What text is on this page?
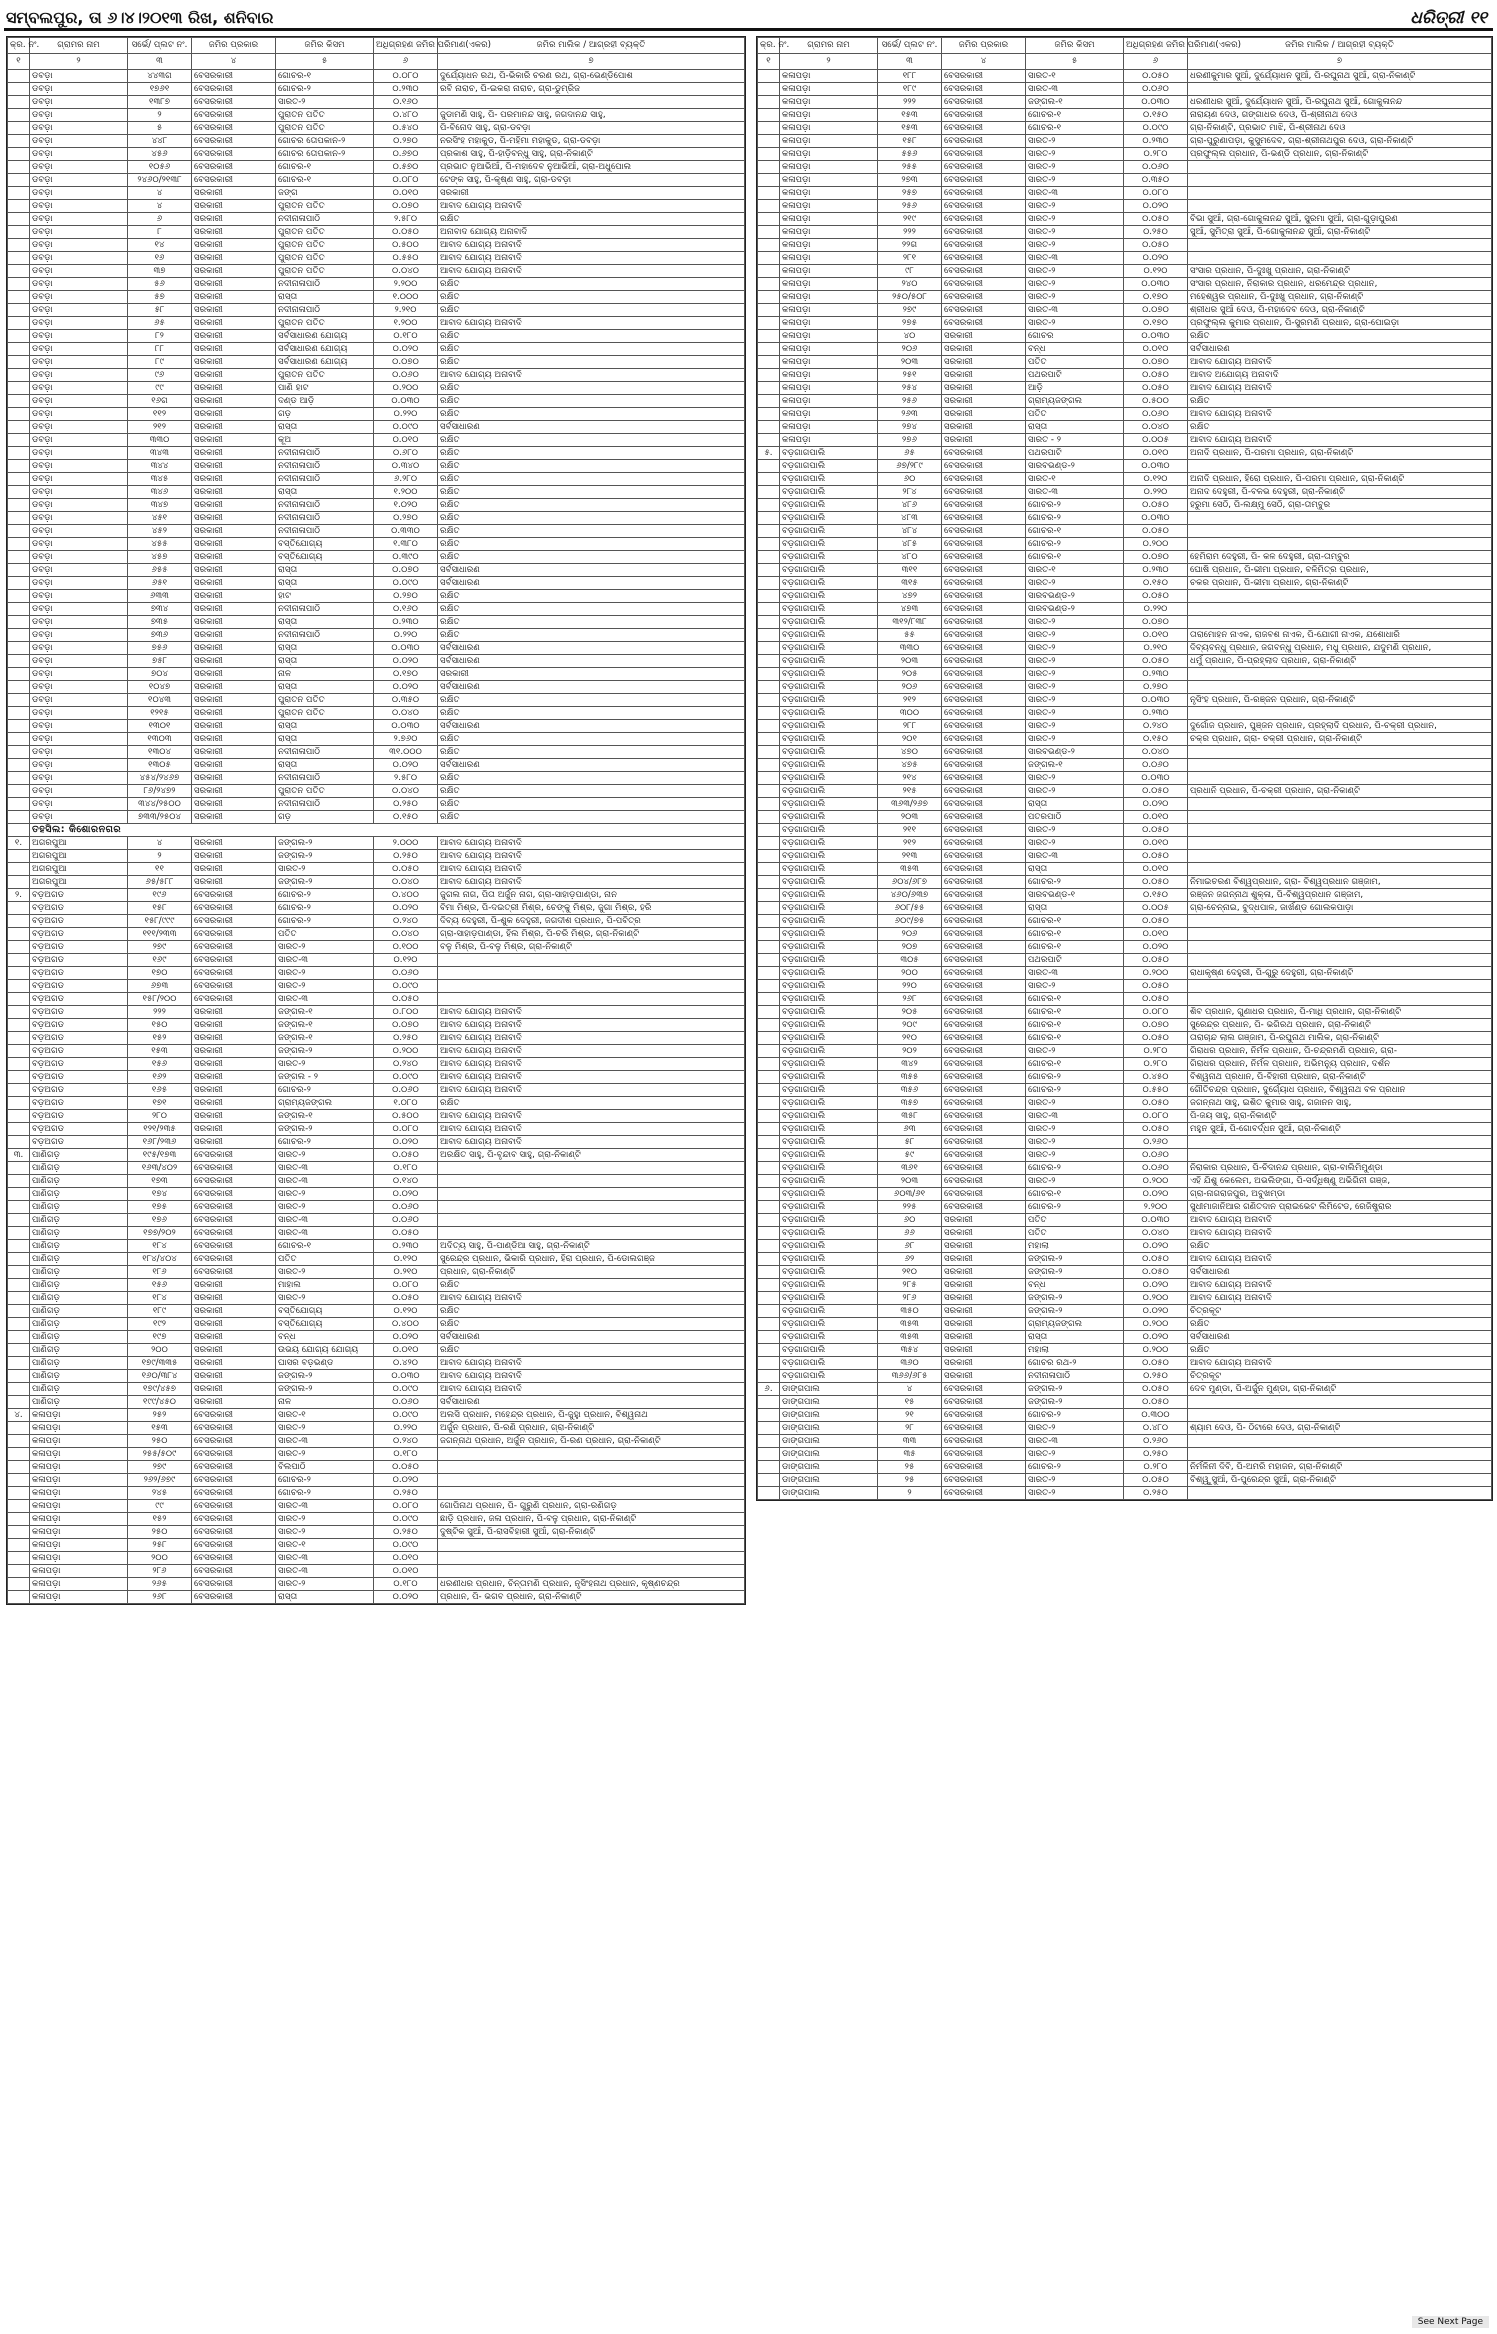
ସମ୍ବଲପୁର, ତା ୬।୪।୨୦୧୩ ରିଖ, ଶନିବାର	ଧରିତ୍ରୀ ୧୧
କ୍ର. ନଂ.	ଗ୍ରାମର ନାମ	ସର୍ଭେ/ ପ୍ଲଟ ନଂ.	ଜମିର ପ୍ରକାର	ଜମିର କିସମ	ଅଧିଗ୍ରହଣ ଜମିର ପରିମାଣ(ଏକର)	ଜମିର ମାଲିକ / ଆଗ୍ରହୀ ବ୍ୟକ୍ତି
୧	୨	୩	୪	୫	୬	୭
	ଡବଡ଼ା	୪୪୩ଗ	ବେସରକାରୀ	ଗୋଚର-୧	୦.୦୮୦	ଦୁର୍ଯ୍ୟୋଧନ ରଥ, ପି-ଭିକାରି ଚରଣ ରଥ, ଗ୍ରା-ଭେଣ୍ଡିପୋଶ
	ଡବଡ଼ା	୧୭୬୧	ବେସରକାରୀ	ଗୋଚର-୨	୦.୨୩୦	ରବି ନାରାଚ, ପି-ଇକରା ନାରାଚ, ଗ୍ରା-ଡୁମ୍ରିଜ
	ଡବଡ଼ା	୧୩୮୭	ବେସରକାରୀ	ସାରତ-୨	୦.୧୬୦	
	ଡବଡ଼ା	୨	ବେସରକାରୀ	ପୁରାତନ ପତିତ	୦.୪୮୦	ଜୁଡାମଣି ସାହୁ, ପି- ପରମାନନ୍ଦ ସାହୁ, ଜଗଦାନନ୍ଦ ସାହୁ,
	ଡବଡ଼ା	୫	ବେସରକାରୀ	ପୁରାତନ ପତିତ	୦.୫୪୦	ପି-ବିନୋଦ ସାହୁ, ଗ୍ରା-ଡବଡ଼ା
	ଡବଡ଼ା	୪୪୮	ବେସରକାରୀ	ଗୋଚର ତୋପକାନ-୨	୦.୨୭୦	ନରସିଂହ ମହାକୁଡ, ପି-ମହିମା ମହାକୁଡ, ଗ୍ରା-ଡବଡ଼ା
	ଡବଡ଼ା	୪୫୬	ବେସରକାରୀ	ଗୋଚର ତୋପକାନ-୨	୦.୬୭୦	ପ୍ରକାଶ ସାହୁ, ପି-ହାଡ଼ିବନ୍ଧୁ ସାହୁ, ଗ୍ରା-ନିକାଣ୍ଟି
	ଡବଡ଼ା	୧୦୫୬	ବେସରକାରୀ	ଗୋଚର-୧	୦.୫୭୦	ପ୍ରଭାତ ନୁଆଭିଆଁ, ପି-ମହାଦେବ ନୁଆଭିଆଁ, ଗ୍ରା-ଅଧୁପୋଲ
	ଡବଡ଼ା	୨୪୬୦/୨୧୩୮	ବେସରକାରୀ	ଗୋଚର-୧	୦.୦୮୦	ଟେଙ୍କ ସାହୁ, ପି-କୃଷ୍ଣ ସାହୁ, ଗ୍ରା-ଡବଡ଼ା
	ଡବଡ଼ା	୪	ସରକାରୀ	ଜଙ୍ଗ	୦.୦୧୦	ସରକାରୀ
	ଡବଡ଼ା	୪	ସରକାରୀ	ପୁରାତନ ପତିତ	୦.୦୭୦	ଆବାଦ ଯୋଗ୍ୟ ଅନାବାଦି
	ଡବଡ଼ା	୬	ସରକାରୀ	ନଦୀନାଳାପାଠି	୨.୫୮୦	ରକ୍ଷିତ
	ଡବଡ଼ା	୮	ସରକାରୀ	ପୁରାତନ ପତିତ	୦.୦୫୦	ଅନାବାଦ ଯୋଗ୍ୟ ଅନାବାଦି
	ଡବଡ଼ା	୧୪	ସରକାରୀ	ପୁରାତନ ପତିତ	୦.୫୦୦	ଆବାଦ ଯୋଗ୍ୟ ଅନାବାଦି
	ଡବଡ଼ା	୧୬	ସରକାରୀ	ପୁରାତନ ପତିତ	୦.୫୫୦	ଆବାଦ ଯୋଗ୍ୟ ଅନାବାଦି
	ଡବଡ଼ା	୩୭	ସରକାରୀ	ପୁରାତନ ପତିତ	୦.୦୪୦	ଆବାଦ ଯୋଗ୍ୟ ଅନାବାଦି
	ଡବଡ଼ା	୫୬	ସରକାରୀ	ନଦୀନାଳାପାଠି	୨.୨୦୦	ରକ୍ଷିତ
	ଡବଡ଼ା	୫୭	ସରକାରୀ	ରାସ୍ତା	୧.୦୦୦	ରକ୍ଷିତ
	ଡବଡ଼ା	୫୮	ସରକାରୀ	ନଦୀନାଳାପାଠି	୨.୨୧୦	ରକ୍ଷିତ
	ଡବଡ଼ା	୬୫	ସରକାରୀ	ପୁରାତନ ପତିତ	୧.୨୦୦	ଆବାଦ ଯୋଗ୍ୟ ଅନାବାଦି
	ଡବଡ଼ା	୮୨	ସରକାରୀ	ସର୍ବସାଧାରଣ ଯୋଗ୍ୟ	୦.୧୮୦	ରକ୍ଷିତ
	ଡବଡ଼ା	୮୮	ସରକାରୀ	ସର୍ବସାଧାରଣ ଯୋଗ୍ୟ	୦.୦୨୦	ରକ୍ଷିତ
	ଡବଡ଼ା	୮୯	ସରକାରୀ	ସର୍ବସାଧାରଣ ଯୋଗ୍ୟ	୦.୦୭୦	ରକ୍ଷିତ
	ଡବଡ଼ା	୯୬	ସରକାରୀ	ପୁରାତନ ପତିତ	୦.୦୬୦	ଆବାଦ ଯୋଗ୍ୟ ଅନାବାଦି
	ଡବଡ଼ା	୯୯	ସରକାରୀ	ପାଣି ହାଟ	୦.୨୦୦	ରକ୍ଷିତ
	ଡବଡ଼ା	୧୬ଗ	ସରକାରୀ	ଦଣ୍ଡ ଆଡ଼ି	୦.୦୩୦	ରକ୍ଷିତ
	ଡବଡ଼ା	୧୧୨	ସରକାରୀ	ଗଡ଼	୦.୨୨୦	ରକ୍ଷିତ
	ଡବଡ଼ା	୨୧୨	ସରକାରୀ	ରାସ୍ତା	୦.୦୯୦	ସର୍ବସାଧାରଣ
	ଡବଡ଼ା	୩୩୦	ସରକାରୀ	କୂଅ	୦.୦୧୦	ରକ୍ଷିତ
	ଡବଡ଼ା	୩୪୩	ସରକାରୀ	ନଦୀନାଳାପାଠି	୦.୬୮୦	ରକ୍ଷିତ
	ଡବଡ଼ା	୩୪୪	ସରକାରୀ	ନଦୀନାଳାପାଠି	୦.୩୪୦	ରକ୍ଷିତ
	ଡବଡ଼ା	୩୪୫	ସରକାରୀ	ନଦୀନାଳାପାଠି	୬.୨୮୦	ରକ୍ଷିତ
	ଡବଡ଼ା	୩୪୬	ସରକାରୀ	ରାସ୍ତା	୧.୨୦୦	ରକ୍ଷିତ
	ଡବଡ଼ା	୩୪୭	ସରକାରୀ	ନଦୀନାଳାପାଠି	୧.୦୨୦	ରକ୍ଷିତ
	ଡବଡ଼ା	୪୫୧	ସରକାରୀ	ନଦୀନାଳାପାଠି	୦.୨୭୦	ରକ୍ଷିତ
	ଡବଡ଼ା	୪୫୨	ସରକାରୀ	ନଦୀନାଳାପାଠି	୦.୩୩୦	ରକ୍ଷିତ
	ଡବଡ଼ା	୪୫୫	ସରକାରୀ	ବସ୍ତିଯୋଗ୍ୟ	୧.୩୮୦	ରକ୍ଷିତ
	ଡବଡ଼ା	୪୫୭	ସରକାରୀ	ବସ୍ତିଯୋଗ୍ୟ	୦.୩୯୦	ରକ୍ଷିତ
	ଡବଡ଼ା	୬୫୫	ସରକାରୀ	ରାସ୍ତା	୦.୦୭୦	ସର୍ବସାଧାରଣ
	ଡବଡ଼ା	୬୫୧	ସରକାରୀ	ରାସ୍ତା	୦.୦୯୦	ସର୍ବସାଧାରଣ
	ଡବଡ଼ା	୬୩୩	ସରକାରୀ	ହାଟ	୦.୨୭୦	ରକ୍ଷିତ
	ଡବଡ଼ା	୭୩୪	ସରକାରୀ	ନଦୀନାଳାପାଠି	୦.୧୬୦	ରକ୍ଷିତ
	ଡବଡ଼ା	୭୩୫	ସରକାରୀ	ରାସ୍ତା	୦.୨୩୦	ରକ୍ଷିତ
	ଡବଡ଼ା	୭୩୬	ସରକାରୀ	ନଦୀନାଳାପାଠି	୦.୨୨୦	ରକ୍ଷିତ
	ଡବଡ଼ା	୭୫୬	ସରକାରୀ	ରାସ୍ତା	୦.୦୩୦	ସର୍ବସାଧାରଣ
	ଡବଡ଼ା	୭୫୮	ସରକାରୀ	ରାସ୍ତା	୦.୦୨୦	ସର୍ବସାଧାରଣ
	ଡବଡ଼ା	୭୦୪	ସରକାରୀ	ନାଳ	୦.୧୭୦	ସରକାରୀ
	ଡବଡ଼ା	୧୦୪୭	ସରକାରୀ	ରାସ୍ତା	୦.୦୨୦	ସର୍ବସାଧାରଣ
	ଡବଡ଼ା	୧୦୪୩	ସରକାରୀ	ପୁରାତନ ପତିତ	୦.୩୫୦	ରକ୍ଷିତ
	ଡବଡ଼ା	୧୨୧୫	ସରକାରୀ	ପୁରାତନ ପତିତ	୦.୦୪୦	ରକ୍ଷିତ
	ଡବଡ଼ା	୧୩୦୧	ସରକାରୀ	ରାସ୍ତା	୦.୦୩୦	ସର୍ବସାଧାରଣ
	ଡବଡ଼ା	୧୩୦୩	ସରକାରୀ	ରାସ୍ତା	୨.୭୬୦	ରକ୍ଷିତ
	ଡବଡ଼ା	୧୩୦୪	ସରକାରୀ	ନଦୀନାଳାପାଠି	୩୧.୦୦୦	ରକ୍ଷିତ
	ଡବଡ଼ା	୧୩୦୫	ସରକାରୀ	ରାସ୍ତା	୦.୦୨୦	ସର୍ବସାଧାରଣ
	ଡବଡ଼ା	୪୫୪/୨୪୬୭	ସରକାରୀ	ନଦୀନାଳାପାଠି	୨.୫୮୦	ରକ୍ଷିତ
	ଡବଡ଼ା	୮୬/୨୪୭୨	ସରକାରୀ	ପୁରାତନ ପତିତ	୦.୦୪୦	ରକ୍ଷିତ
	ଡବଡ଼ା	୩୪୪/୨୫୦୦	ସରକାରୀ	ନଦୀନାଳାପାଠି	୦.୨୫୦	ରକ୍ଷିତ
	ଡବଡ଼ା	୭୩୩/୨୫୦୪	ସରକାରୀ	ଗଡ଼	୦.୧୫୦	ରକ୍ଷିତ
	ତହସିଲ: କିଶୋରନଗର					
୧.	ଅଗରପୁଆ	୪	ସରକାରୀ	ଜଙ୍ଗଲ-୨	୨.୦୦୦	ଆବାଦ ଯୋଗ୍ୟ ଅନାବାଦି
	ଅଗରପୁଆ	୨	ସରକାରୀ	ଜଙ୍ଗଲ-୨	୦.୨୫୦	ଆବାଦ ଯୋଗ୍ୟ ଅନାବାଦି
	ଅଗରପୁଆ	୧୧	ସରକାରୀ	ସାରତ-୨	୦.୦୫୦	ଆବାଦ ଯୋଗ୍ୟ ଅନାବାଦି
	ଅଗରପୁଆ	୬୫/୫୮୮	ସରକାରୀ	ଜଙ୍ଗଲ-୨	୦.୦୪୦	ଆବାଦ ଯୋଗ୍ୟ ଅନାବାଦି
୨.	ବଡ଼ଅଗଡ	୧୯୬	ବେସରକାରୀ	ଗୋଚର-୨	୦.୪୦୦	ଜୁଗଲ ନାଗ, ପିତା ଅର୍ଜୁନ ନାଗ, ଗ୍ରା-ସାହାଡ଼ପାଣ୍ଡା, ନାନ
	ବଡ଼ଅଗଡ	୧୫୮	ବେସରକାରୀ	ଗୋଚର-୨	୦.୦୨୦	ବିମା ମିଶ୍ର, ପି-ଦଇତ୍ରୀ ମିଶ୍ର, ଚେଙ୍କୁ ମିଶ୍ର, ଜୁଗା ମିଶ୍ର, ହରି
	ବଡ଼ଅଗଡ	୧୫୮/୯୯୯	ବେସରକାରୀ	ଗୋଚର-୨	୦.୨୪୦	ଦିବ୍ୟ ଦେହୁରୀ, ପି-ଶୁକ ଦେହୁରୀ, ଜଗଦୀଶ ପ୍ରଧାନ, ପି-ପବିତ୍ର
	ବଡ଼ଅଗଡ	୧୧୧/୨୩୩	ବେସରକାରୀ	ପତିତ	୦.୦୪୦	ଗ୍ରା-ସାହାଡ଼ପାଣ୍ଡା, ହିଲ ମିଶ୍ର, ପି-ଚରି ମିଶ୍ର, ଗ୍ରା-ନିକାଣ୍ଟି
	ବଡ଼ଅଗଡ	୨୭୯	ବେସରକାରୀ	ସାରତ-୨	୦.୧୦୦	ବଳୁ ମିଶ୍ର, ପି-ବଳୁ ମିଶ୍ର, ଗ୍ରା-ନିକାଣ୍ଟି
	ବଡ଼ଅଗଡ	୧୬୯	ବେସରକାରୀ	ସାରତ-୩	୦.୧୨୦	
	ବଡ଼ଅଗଡ	୧୭୦	ବେସରକାରୀ	ସାରତ-୨	୦.୦୬୦	
	ବଡ଼ଅଗଡ	୬୭୩	ବେସରକାରୀ	ସାରତ-୨	୦.୦୯୦	
	ବଡ଼ଅଗଡ	୧୫୮/୨୦୦	ବେସରକାରୀ	ସାରତ-୩	୦.୦୫୦	
	ବଡ଼ଅଗଡ	୨୨୨	ସରକାରୀ	ଜଙ୍ଗଲ-୧	୦.୮୦୦	ଆବାଦ ଯୋଗ୍ୟ ଅନାବାଦି
	ବଡ଼ଅଗଡ	୧୫୦	ସରକାରୀ	ଜଙ୍ଗଲ-୧	୦.୦୭୦	ଆବାଦ ଯୋଗ୍ୟ ଅନାବାଦି
	ବଡ଼ଅଗଡ	୧୫୨	ସରକାରୀ	ଜଙ୍ଗଲ-୧	୦.୨୫୦	ଆବାଦ ଯୋଗ୍ୟ ଅନାବାଦି
	ବଡ଼ଅଗଡ	୧୫୩	ସରକାରୀ	ଜଙ୍ଗଲ-୨	୦.୨୦୦	ଆବାଦ ଯୋଗ୍ୟ ଅନାବାଦି
	ବଡ଼ଅଗଡ	୧୫୬	ସରକାରୀ	ସାରତ-୨	୦.୨୪୦	ଆବାଦ ଯୋଗ୍ୟ ଅନାବାଦି
	ବଡ଼ଅଗଡ	୧୬୨	ସରକାରୀ	ଜଙ୍ଗଲ - ୨	୦.୦୯୦	ଆବାଦ ଯୋଗ୍ୟ ଅନାବାଦି
	ବଡ଼ଅଗଡ	୧୬୫	ସରକାରୀ	ଗୋଚର-୨	୦.୦୬୦	ଆବାଦ ଯୋଗ୍ୟ ଅନାବାଦି
	ବଡ଼ଅଗଡ	୧୭୧	ସରକାରୀ	ଗ୍ରାମ୍ୟଜଙ୍ଗଲ	୧.୦୮୦	ରକ୍ଷିତ
	ବଡ଼ଅଗଡ	୨୮୦	ସରକାରୀ	ଜଙ୍ଗଲ-୧	୦.୫୦୦	ଆବାଦ ଯୋଗ୍ୟ ଅନାବାଦି
	ବଡ଼ଅଗଡ	୧୨୧/୨୩୫	ସରକାରୀ	ଜଙ୍ଗଲ-୨	୦.୦୮୦	ଆବାଦ ଯୋଗ୍ୟ ଅନାବାଦି
	ବଡ଼ଅଗଡ	୧୬୮/୨୩୬	ସରକାରୀ	ଗୋଚର-୨	୦.୦୨୦	ଆବାଦ ଯୋଗ୍ୟ ଅନାବାଦି
୩.	ପାଣିଗଡ଼	୧୯୫/୧୭୩	ବେସରକାରୀ	ସାରତ-୨	୦.୦୫୦	ଅରକ୍ଷିତ ସାହୁ, ପି-ବୃନ୍ଦାବ ସାହୁ, ଗ୍ରା-ନିକାଣ୍ଟି
	ପାଣିଗଡ଼	୧୬୩/୪୦୨	ବେସରକାରୀ	ସାରତ-୩	୦.୧୮୦	
	ପାଣିଗଡ଼	୧୭୩	ବେସରକାରୀ	ସାରତ-୩	୦.୧୪୦	
	ପାଣିଗଡ଼	୧୭୪	ବେସରକାରୀ	ସାରତ-୨	୦.୦୨୦	
	ପାଣିଗଡ଼	୧୭୫	ବେସରକାରୀ	ସାରତ-୨	୦.୦୬୦	
	ପାଣିଗଡ଼	୧୭୬	ବେସରକାରୀ	ସାରତ-୩	୦.୦୬୦	
	ପାଣିଗଡ଼	୧୭୭/୨୦୨	ବେସରକାରୀ	ସାରତ-୩	୦.୦୫୦	
	ପାଣିଗଡ଼	୧୮୪	ବେସରକାରୀ	ଗୋଚର-୧	୦.୨୩୦	ଅଦିତ୍ୟ ସାହୁ, ପି-ପାଣ୍ଡିଆ ସାହୁ, ଗ୍ରା-ନିକାଣ୍ଟି
	ପାଣିଗଡ଼	୧୮୪/୪୦୪	ବେସରକାରୀ	ପତିତ	୦.୧୨୦	ସୁରେନ୍ଦ୍ର ପ୍ରଧାନ, ଭିକାରି ପ୍ରଧାନ, ହିରା ପ୍ରଧାନ, ପି-ଡୋଲଗଞ୍ଜ
	ପାଣିଗଡ଼	୧୮୬	ବେସରକାରୀ	ସାରତ-୨	୦.୨୧୦	ପ୍ରଧାନ, ଗ୍ରା-ନିକାଣ୍ଟି
	ପାଣିଗଡ଼	୧୫୬	ସରକାରୀ	ମାହାଲ	୦.୦୮୦	ରକ୍ଷିତ
	ପାଣିଗଡ଼	୧୮୪	ସରକାରୀ	ସାରତ-୨	୦.୦୫୦	ଆବାଦ ଯୋଗ୍ୟ ଅନାବାଦି
	ପାଣିଗଡ଼	୧୮୯	ସରକାରୀ	ବସ୍ତିଯୋଗ୍ୟ	୦.୧୨୦	ରକ୍ଷିତ
	ପାଣିଗଡ଼	୧୯୨	ସରକାରୀ	ବସ୍ତିଯୋଗ୍ୟ	୦.୪୦୦	ରକ୍ଷିତ
	ପାଣିଗଡ଼	୧୯୭	ସରକାରୀ	ବନ୍ଧ	୦.୦୨୦	ସର୍ବସାଧାରଣ
	ପାଣିଗଡ଼	୨୦୦	ସରକାରୀ	ଉଭୟ ଯୋଗ୍ୟ ଯୋଗ୍ୟ	୦.୦୧୦	ରକ୍ଷିତ
	ପାଣିଗଡ଼	୧୭୯/୩୩୫	ସରକାରୀ	ଘାସର ବଡ଼ଭଣ୍ଡ	୦.୪୨୦	ଆବାଦ ଯୋଗ୍ୟ ଅନାବାଦି
	ପାଣିଗଡ଼	୧୬୦/୩୮୪	ସରକାରୀ	ଜଙ୍ଗଲ-୨	୦.୦୩୦	ଆବାଦ ଯୋଗ୍ୟ ଅନାବାଦି
	ପାଣିଗଡ଼	୧୭୯/୪୫୭	ସରକାରୀ	ଜଙ୍ଗଲ-୨	୦.୦୯୦	ଆବାଦ ଯୋଗ୍ୟ ଅନାବାଦି
	ପାଣିଗଡ଼	୧୯୯/୪୫୦	ସରକାରୀ	ନାଳ	୦.୦୬୦	ସର୍ବସାଧାରଣ
୪.	କଳାପଡ଼ା	୨୫୨	ବେସରକାରୀ	ସାରତ-୧	୦.୦୯୦	ଅଲସି ପ୍ରଧାନ, ମହେନ୍ଦ୍ର ପ୍ରଧାନ, ପି-ଜୁହୁା ପ୍ରଧାନ, ବିଶ୍ୱନାଥ
	କଳାପଡ଼ା	୧୫୩	ବେସରକାରୀ	ସାରତ-୨	୦.୨୨୦	ଅର୍ଜୁନ ପ୍ରଧାନ, ପି-ରଣି ପ୍ରଧାନ, ଗ୍ରା-ନିକାଣ୍ଟି
	କଳାପଡ଼ା	୨୫୦	ବେସରକାରୀ	ସାରତ-୩	୦.୨୪୦	ଜଗନ୍ନାଥ ପ୍ରଧାନ, ଅର୍ଜୁନ ପ୍ରଧାନ, ପି-ରଣ ପ୍ରଧାନ, ଗ୍ରା-ନିକାଣ୍ଟି
	କଳାପଡ଼ା	୨୫୫/୫୦୯	ବେସରକାରୀ	ସାରତ-୨	୦.୧୮୦	
	କଳାପଡ଼ା	୨୭୯	ବେସରକାରୀ	ବିଲପାଠି	୦.୦୫୦	
	କଳାପଡ଼ା	୨୬୨/୬୭୯	ବେସରକାରୀ	ଗୋଚର-୨	୦.୦୨୦	
	କଳାପଡ଼ା	୨୪୫	ବେସରକାରୀ	ଗୋଚର-୨	୦.୨୫୦	
	କଳାପଡ଼ା	୯୯	ବେସରକାରୀ	ସାରତ-୩	୦.୦୮୦	ଗୋପିନାଥ ପ୍ରଧାନ, ପି- ଗୁରୁଣି ପ୍ରଧାନ, ଗ୍ରା-ରଣିଗଡ଼
	କଳାପଡ଼ା	୧୫୨	ବେସରକାରୀ	ସାରତ-୨	୦.୦୯୦	ଛାଡ଼ି ପ୍ରଧାନ, ଜଳା ପ୍ରଧାନ, ପି-ବଳୁ ପ୍ରଧାନ, ଗ୍ରା-ନିକାଣ୍ଟି
	କଳାପଡ଼ା	୨୫୦	ବେସରକାରୀ	ସାରତ-୨	୦.୨୫୦	ଦୁଷ୍ଟିକ ସୁଆଁ, ପି-ରାସବିହାରୀ ସୁଆଁ, ଗ୍ରା-ନିକାଣ୍ଟି
	କଳାପଡ଼ା	୨୫୮	ବେସରକାରୀ	ସାରତ-୧	୦.୦୯୦	
	କଳାପଡ଼ା	୨୦୦	ବେସରକାରୀ	ସାରତ-୩	୦.୦୧୦	
	କଳାପଡ଼ା	୨୮୬	ବେସରକାରୀ	ସାରତ-୩	୦.୦୧୦	
	କଳାପଡ଼ା	୨୬୫	ବେସରକାରୀ	ସାରତ-୨	୦.୧୮୦	ଧରଣୀଧର ପ୍ରଧାନ, ଚିନ୍ତାମଣି ପ୍ରଧାନ, ନୃସିଂହନାଥ ପ୍ରଧାନ, କୃଷ୍ଣଚନ୍ଦ୍ର
	କଳାପଡ଼ା	୨୬୮	ବେସରକାରୀ	ରାସ୍ତା	୦.୦୨୦	ପ୍ରଧାନ, ପି- ଭଗବ ପ୍ରଧାନ, ଗ୍ରା-ନିକାଣ୍ଟି
କ୍ର. ନଂ.	ଗ୍ରାମର ନାମ	ସର୍ଭେ/ ପ୍ଲଟ ନଂ.	ଜମିର ପ୍ରକାର	ଜମିର କିସମ	ଅଧିଗ୍ରହଣ ଜମିର ପରିମାଣ(ଏକର)	ଜମିର ମାଲିକ / ଆଗ୍ରହୀ ବ୍ୟକ୍ତି
୧	୨	୩	୪	୫	୬	୭
	କଳାପଡ଼ା	୧୮୮	ବେସରକାରୀ	ସାରତ-୧	୦.୦୫୦	ଧରଣୀକୁମାର ସୁଆଁ, ଦୁର୍ଯ୍ୟୋଧନ ସୁଆଁ, ପି-ରଘୁନାଥ ସୁଆଁ, ଗ୍ରା-ନିକାଣ୍ଟି
	କଳାପଡ଼ା	୧୮୯	ବେସରକାରୀ	ସାରତ-୩	୦.୦୬୦	
	କଳାପଡ଼ା	୨୨୨	ବେସରକାରୀ	ଜଙ୍ଗଲ-୧	୦.୦୩୦	ଧରଣୀଧର ସୁଆଁ, ଦୁର୍ଯ୍ୟୋଧନ ସୁଆଁ, ପି-ରଘୁନାଥ ସୁଆଁ, ଗୋକୁଳାନନ୍ଦ
	କଳାପଡ଼ା	୧୫୩	ବେସରକାରୀ	ଗୋଚର-୧	୦.୧୫୦	ନାରାୟଣ ଦେଓ, ଗଙ୍ଗାଧର ଦେଓ, ପି-ଶ୍ରୀନାଥ ଦେଓ
	କଳାପଡ଼ା	୧୫୩	ବେସରକାରୀ	ଗୋଚର-୧	୦.୦୯୦	ଗ୍ରା-ନିକାଣ୍ଟି, ପ୍ରଭାତ ମାଝି, ପି-ଶ୍ରୀନାଥ ଦେଓ
	କଳାପଡ଼ା	୧୫୮	ବେସରକାରୀ	ସାରତ-୨	୦.୨୩୦	ଗ୍ରା-ପୁରୁଣାପଡ଼ା, କୁସୁମଦେବ, ଗ୍ରା-ଶ୍ରୀନାଥପୁର ଦେଓ, ଗ୍ରା-ନିକାଣ୍ଟି
	କଳାପଡ଼ା	୫୫୬	ବେସରକାରୀ	ସାରତ-୨	୦.୨୮୦	ପ୍ରଫୁଲ୍ଲ ପ୍ରଧାନ, ପି-ଭଣ୍ଡି ପ୍ରଧାନ, ଗ୍ରା-ନିକାଣ୍ଟି
	କଳାପଡ଼ା	୨୫୫	ବେସରକାରୀ	ସାରତ-୨	୦.୦୬୦	
	କଳାପଡ଼ା	୨୭୩	ବେସରକାରୀ	ସାରତ-୨	୦.୩୫୦	
	କଳାପଡ଼ା	୨୫୭	ବେସରକାରୀ	ସାରତ-୩	୦.୦୮୦	
	କଳାପଡ଼ା	୨୫୬	ବେସରକାରୀ	ସାରତ-୨	୦.୦୨୦	
	କଳାପଡ଼ା	୨୧୯	ବେସରକାରୀ	ସାରତ-୨	୦.୦୫୦	ବିଭା ସୁଆଁ, ଗ୍ରା-ଗୋକୁଳାନନ୍ଦ ସୁଆଁ, ସୁରମା ସୁଆଁ, ଗ୍ରା-ଗୁଡ଼ାପୁରଣ
	କଳାପଡ଼ା	୨୨୨	ବେସରକାରୀ	ସାରତ-୨	୦.୨୫୦	ସୁଆଁ, ସୁମିତ୍ରା ସୁଆଁ, ପି-ଗୋକୁଳାନନ୍ଦ ସୁଆଁ, ଗ୍ରା-ନିକାଣ୍ଟି
	କଳାପଡ଼ା	୨୨ଗ	ବେସରକାରୀ	ସାରତ-୨	୦.୦୫୦	
	କଳାପଡ଼ା	୨୮୧	ବେସରକାରୀ	ସାରତ-୩	୦.୦୨୦	
	କଳାପଡ଼ା	୯୮	ବେସରକାରୀ	ସାରତ-୨	୦.୧୨୦	ସଂସାର ପ୍ରଧାନ, ପି-ଦୁଃଖୁ ପ୍ରଧାନ, ଗ୍ରା-ନିକାଣ୍ଟି
	କଳାପଡ଼ା	୨୪୦	ବେସରକାରୀ	ସାରତ-୨	୦.୦୩୦	ସଂସାର ପ୍ରଧାନ, ନିରାକାର ପ୍ରଧାନ, ଧରମେନ୍ଦ୍ର ପ୍ରଧାନ,
	କଳାପଡ଼ା	୨୫୦/୫୦୮	ବେସରକାରୀ	ସାରତ-୨	୦.୧୭୦	ମହେଶ୍ୱର ପ୍ରଧାନ, ପି-ଦୁଃଖୁ ପ୍ରଧାନ, ଗ୍ରା-ନିକାଣ୍ଟି
	କଳାପଡ଼ା	୨୭୯	ବେସରକାରୀ	ସାରତ-୩	୦.୦୭୦	ଶ୍ରୀଧର ସୁଆଁ ଦେଓ, ପି-ମହାଦେବ ଦେଓ, ଗ୍ରା-ନିକାଣ୍ଟି
	କଳାପଡ଼ା	୨୭୫	ବେସରକାରୀ	ସାରତ-୨	୦.୧୭୦	ପ୍ରଫୁଲ୍ଲ କୁମାର ପ୍ରଧାନ, ପି-ସୁରମଣି ପ୍ରଧାନ, ଗ୍ରା-ପୋଇଡ଼ା
	କଳାପଡ଼ା	୪୦	ସରକାରୀ	ଗୋଚର	୦.୦୩୦	ରକ୍ଷିତ
	କଳାପଡ଼ା	୨୦୬	ସରକାରୀ	ବନ୍ଧ	୦.୦୧୦	ସର୍ବସାଧାରଣ
	କଳାପଡ଼ା	୨୦୩	ସରକାରୀ	ପତିତ	୦.୦୭୦	ଆବାଦ ଯୋଗ୍ୟ ଅନାବାଦି
	କଳାପଡ଼ା	୨୫୧	ସରକାରୀ	ପଥରପାଟି	୦.୦୫୦	ଆବାଦ ଅଯୋଗ୍ୟ ଅନାବାଦି
	କଳାପଡ଼ା	୨୫୪	ସରକାରୀ	ଆଡ଼ି	୦.୦୫୦	ଆବାଦ ଯୋଗ୍ୟ ଅନାବାଦି
	କଳାପଡ଼ା	୨୫୬	ସରକାରୀ	ଗ୍ରାମ୍ୟଜଙ୍ଗଲ	୦.୫୦୦	ରକ୍ଷିତ
	କଳାପଡ଼ା	୨୬୩	ସରକାରୀ	ପତିତ	୦.୦୬୦	ଆବାଦ ଯୋଗ୍ୟ ଅନାବାଦି
	କଳାପଡ଼ା	୨୭୪	ସରକାରୀ	ରାସ୍ତା	୦.୦୪୦	ରକ୍ଷିତ
	କଳାପଡ଼ା	୨୭୬	ସରକାରୀ	ସାରତ - ୨	୦.୦୦୫	ଆବାଦ ଯୋଗ୍ୟ ଅନାବାଦି
୫.	ବଡ଼ଗାଗପାଲି	୬୫	ବେସରକାରୀ	ପଥରପାଟି	୦.୦୧୦	ଅନାଦି ପ୍ରଧାନ, ପି-ପରମା ପ୍ରଧାନ, ଗ୍ରା-ନିକାଣ୍ଟି
	ବଡ଼ଗାଗପାଲି	୬୭/୨୮୯	ବେସରକାରୀ	ସାରବଭଣ୍ଡ-୨	୦.୦୩୦	
	ବଡ଼ଗାଗପାଲି	୬୦	ବେସରକାରୀ	ସାରତ-୧	୦.୧୨୦	ଅନାଦି ପ୍ରଧାନ, ହିରୋ ପ୍ରଧାନ, ପି-ପରମା ପ୍ରଧାନ, ଗ୍ରା-ନିକାଣ୍ଟି
	ବଡ଼ଗାଗପାଲି	୨୮୪	ବେସରକାରୀ	ସାରତ-୩	୦.୨୨୦	ଅନାଦ ଦେହୁରୀ, ପି-ବଳଭ ଦେହୁରୀ, ଗ୍ରା-ନିକାଣ୍ଟି
	ବଡ଼ଗାଗପାଲି	୪୮୬	ବେସରକାରୀ	ଗୋଚର-୨	୦.୦୫୦	ହରୁମା ସେଠି, ପି-ଲକ୍ଷ୍ମୁ ସେଠି, ଗ୍ରା-ତାମ୍ବୁର
	ବଡ଼ଗାଗପାଲି	୪୮୩	ବେସରକାରୀ	ଗୋଚର-୨	୦.୦୩୦	
	ବଡ଼ଗାଗପାଲି	୪୮୪	ବେସରକାରୀ	ଗୋଚର-୧	୦.୦୫୦	
	ବଡ଼ଗାଗପାଲି	୪୮୫	ବେସରକାରୀ	ଗୋଚର-୨	୦.୨୦୦	
	ବଡ଼ଗାଗପାଲି	୪୮୦	ବେସରକାରୀ	ଗୋଚର-୧	୦.୦୭୦	ହେମିରାମ ଦେହୁରୀ, ପି- କଳ ଦେହୁରୀ, ଗ୍ରା-ତାମ୍ବୁର
	ବଡ଼ଗାଗପାଲି	୩୧୧	ବେସରକାରୀ	ସାରତ-୧	୦.୨୩୦	ଘୋଷି ପ୍ରଧାନ, ପି-ଭୀମା ପ୍ରଧାନ, ବଳିମିତ୍ର ପ୍ରଧାନ,
	ବଡ଼ଗାଗପାଲି	୩୧୫	ବେସରକାରୀ	ସାରତ-୨	୦.୧୫୦	ଚକର ପ୍ରଧାନ, ପି-ଭୀମା ପ୍ରଧାନ, ଗ୍ରା-ନିକାଣ୍ଟି
	ବଡ଼ଗାଗପାଲି	୪୭୨	ବେସରକାରୀ	ସାରବଭଣ୍ଡ-୨	୦.୦୫୦	
	ବଡ଼ଗାଗପାଲି	୪୭୩	ବେସରକାରୀ	ସାରବଭଣ୍ଡ-୨	୦.୨୨୦	
	ବଡ଼ଗାଗପାଲି	୩୧୨/୮୩୮	ବେସରକାରୀ	ସାରତ-୨	୦.୦୭୦	
	ବଡ଼ଗାଗପାଲି	୫୫	ବେସରକାରୀ	ସାରତ-୨	୦.୦୧୦	ତାରାମୋହନ ନାଏକ, ରାଜବଶ ନାଏକ, ପି-ଯୋଗୀ ନାଏକ, ଯଶୋଧାରି
	ବଡ଼ଗାଗପାଲି	୩୩୦	ବେସରକାରୀ	ସାରତ-୨	୦.୨୧୦	ଦିବ୍ୟବନ୍ଧୁ ପ୍ରଧାନ, ଜଗବନ୍ଧୁ ପ୍ରଧାନ, ମଧୁ ପ୍ରଧାନ, ଯଦୁମଣି ପ୍ରଧାନ,
	ବଡ଼ଗାଗପାଲି	୨୦୩	ବେସରକାରୀ	ସାରତ-୨	୦.୦୫୦	ଧର୍ମୁ ପ୍ରଧାନ, ପି-ପ୍ରହ୍ଲାଦ ପ୍ରଧାନ, ଗ୍ରା-ନିକାଣ୍ଟି
	ବଡ଼ଗାଗପାଲି	୨୦୫	ବେସରକାରୀ	ସାରତ-୨	୦.୨୩୦	
	ବଡ଼ଗାଗପାଲି	୨୦୬	ବେସରକାରୀ	ସାରତ-୨	୦.୨୭୦	
	ବଡ଼ଗାଗପାଲି	୨୧୨	ବେସରକାରୀ	ସାରତ-୨	୦.୦୩୦	ନୃସିଂହ ପ୍ରଧାନ, ପି-ରଞ୍ଜନ ପ୍ରଧାନ, ଗ୍ରା-ନିକାଣ୍ଟି
	ବଡ଼ଗାଗପାଲି	୩୦୦	ବେସରକାରୀ	ସାରତ-୨	୦.୨୩୦	
	ବଡ଼ଗାଗପାଲି	୨୮୮	ବେସରକାରୀ	ସାରତ-୨	୦.୨୪୦	ଦୁର୍ଗୋଜ ପ୍ରଧାନ, ପୁଞ୍ଜନ ପ୍ରଧାନ, ପ୍ରହ୍ଲାଦି ପ୍ରଧାନ, ପି-ଚକ୍ରୀ ପ୍ରଧାନ,
	ବଡ଼ଗାଗପାଲି	୨୦୧	ବେସରକାରୀ	ସାରତ-୨	୦.୧୫୦	ଚକ୍ର ପ୍ରଧାନ, ଗ୍ରା- ଚକ୍ରୀ ପ୍ରଧାନ, ଗ୍ରା-ନିକାଣ୍ଟି
	ବଡ଼ଗାଗପାଲି	୪୭୦	ବେସରକାରୀ	ସାରବଭଣ୍ଡ-୨	୦.୦୪୦	
	ବଡ଼ଗାଗପାଲି	୪୭୫	ବେସରକାରୀ	ଜଙ୍ଗଲ-୧	୦.୦୬୦	
	ବଡ଼ଗାଗପାଲି	୨୧୪	ବେସରକାରୀ	ସାରତ-୨	୦.୦୩୦	
	ବଡ଼ଗାଗପାଲି	୨୧୫	ବେସରକାରୀ	ସାରତ-୨	୦.୦୫୦	ପ୍ରଧାନି ପ୍ରଧାନ, ପି-ଚକ୍ରୀ ପ୍ରଧାନ, ଗ୍ରା-ନିକାଣ୍ଟି
	ବଡ଼ଗାଗପାଲି	୩୬୩/୨୬୭	ବେସରକାରୀ	ରାସ୍ତା	୦.୦୨୦	
	ବଡ଼ଗାଗପାଲି	୨୦୩	ବେସରକାରୀ	ପତରପାଠି	୦.୦୧୦	
	ବଡ଼ଗାଗପାଲି	୨୧୧	ବେସରକାରୀ	ସାରତ-୨	୦.୦୫୦	
	ବଡ଼ଗାଗପାଲି	୨୧୨	ବେସରକାରୀ	ସାରତ-୨	୦.୦୧୦	
	ବଡ଼ଗାଗପାଲି	୨୧୩	ବେସରକାରୀ	ସାରତ-୩	୦.୦୫୦	
	ବଡ଼ଗାଗପାଲି	୩୫୩	ବେସରକାରୀ	ରାସ୍ତା	୦.୦୧୦	
	ବଡ଼ଗାଗପାଲି	୬୦୪/୬୮୭	ବେସରକାରୀ	ଗୋଚର-୨	୦.୦୫୦	ନିମାଇଚରଣ ବିଶ୍ୱପ୍ରଧାନ, ଗ୍ରା- ବିଶ୍ୱପ୍ରଧାନ ଗଞ୍ଜାମ,
	ବଡ଼ଗାଗପାଲି	୪୬୦/୬୩୭	ବେସରକାରୀ	ସାରବଭଣ୍ଡ-୧	୦.୧୫୦	ରଞ୍ଜନ ଜଗନ୍ନାଥ ଶୁକ୍ଳା, ପି-ବିଶ୍ୱପ୍ରଧାନ ଗଞ୍ଜାମ,
	ବଡ଼ଗାଗପାଲି	୬୦୮/୫୫	ବେସରକାରୀ	ରାସ୍ତା	୦.୦୦୫	ଗ୍ରା-ଚେନ୍ନାଇ, ବୁଦ୍ଧପାଳ, ଜାର୍ଖଣ୍ଡ ଗୋଲକପାଡ଼ା
	ବଡ଼ଗାଗପାଲି	୬୦୯/୭୫	ବେସରକାରୀ	ଗୋଚର-୧	୦.୦୫୦	
	ବଡ଼ଗାଗପାଲି	୨୦୬	ବେସରକାରୀ	ଗୋଚର-୧	୦.୦୧୦	
	ବଡ଼ଗାଗପାଲି	୨୦୭	ବେସରକାରୀ	ଗୋଚର-୧	୦.୦୨୦	
	ବଡ଼ଗାଗପାଲି	୩୦୫	ବେସରକାରୀ	ପଥରପାଟି	୦.୦୫୦	
	ବଡ଼ଗାଗପାଲି	୨୦୦	ବେସରକାରୀ	ସାରତ-୩	୦.୨୦୦	ରାଧାକୃଷ୍ଣ ଦେହୁରୀ, ପି-ଗୁରୁ ଦେହୁରୀ, ଗ୍ରା-ନିକାଣ୍ଟି
	ବଡ଼ଗାଗପାଲି	୨୨୦	ବେସରକାରୀ	ସାରତ-୨	୦.୦୫୦	
	ବଡ଼ଗାଗପାଲି	୨୬୮	ବେସରକାରୀ	ଗୋଚର-୧	୦.୦୫୦	
	ବଡ଼ଗାଗପାଲି	୨୦୫	ବେସରକାରୀ	ଗୋଚର-୧	୦.୦୮୦	ଶିବ ପ୍ରଧାନ, ଗୁଣାଧର ପ୍ରଧାନ, ପି-ମାଧି ପ୍ରଧାନ, ଗ୍ରା-ନିକାଣ୍ଟି
	ବଡ଼ଗାଗପାଲି	୨୦୯	ବେସରକାରୀ	ଗୋଚର-୧	୦.୦୭୦	ସୁରେନ୍ଦ୍ର ପ୍ରଧାନ, ପି- ଭଗିରଥ ପ୍ରଧାନ, ଗ୍ରା-ନିକାଣ୍ଟି
	ବଡ଼ଗାଗପାଲି	୨୧୦	ବେସରକାରୀ	ଗୋଚର-୧	୦.୦୫୦	ତାରାଚାନ୍ଦ ଲାଲ ଗଞ୍ଜାମ, ପି-ରଘୁନାଥ ମାଲିକ, ଗ୍ରା-ନିକାଣ୍ଟି
	ବଡ଼ଗାଗପାଲି	୨୦୨	ବେସରକାରୀ	ସାରତ-୨	୦.୨୮୦	ଗିରାଧର ପ୍ରଧାନ, ନିର୍ମଳ ପ୍ରଧାନ, ପି-ଚନ୍ଦ୍ରମଣି ପ୍ରଧାନ, ଗ୍ରା-
	ବଡ଼ଗାଗପାଲି	୩୪୨	ବେସରକାରୀ	ଗୋଚର-୧	୦.୨୮୦	ଗିରାଧର ପ୍ରଧାନ, ନିର୍ମଳ ପ୍ରଧାନ, ଅଭିମନ୍ୟୁ ପ୍ରଧାନ, ଦର୍ଶନ
	ବଡ଼ଗାଗପାଲି	୩୫୫	ବେସରକାରୀ	ଗୋଚର-୨	୦.୪୫୦	ବିଶ୍ୱନାଥ ପ୍ରଧାନ, ପି-ବିହାରୀ ପ୍ରଧାନ, ଗ୍ରା-ନିକାଣ୍ଟି
	ବଡ଼ଗାଗପାଲି	୩୫୬	ବେସରକାରୀ	ଗୋଚର-୨	୦.୫୫୦	ଗୌତିଚନ୍ଦ୍ର ପ୍ରଧାନ, ଦୁର୍ଗ୍ୟୋଧ ପ୍ରଧାନ, ବିଶ୍ୱନାଥ ବଳ ପ୍ରଧାନ
	ବଡ଼ଗାଗପାଲି	୩୫୭	ବେସରକାରୀ	ସାରତ-୨	୦.୦୫୦	ଜଗନ୍ନାଥ ସାହୁ, ଇଶିତ କୁମାର ସାହୁ, ଗଜାନନ ସାହୁ,
	ବଡ଼ଗାଗପାଲି	୩୫୮	ବେସରକାରୀ	ସାରତ-୩	୦.୦୮୦	ପି-ଜୟ ସାହୁ, ଗ୍ରା-ନିକାଣ୍ଟି
	ବଡ଼ଗାଗପାଲି	୬୩	ବେସରକାରୀ	ସାରତ-୨	୦.୦୫୦	ମହୁନ ସୁଆଁ, ପି-ଗୋବର୍ଦ୍ଧନ ସୁଆଁ, ଗ୍ରା-ନିକାଣ୍ଟି
	ବଡ଼ଗାଗପାଲି	୫୮	ବେସରକାରୀ	ସାରତ-୨	୦.୨୬୦	
	ବଡ଼ଗାଗପାଲି	୫୯	ବେସରକାରୀ	ସାରତ-୨	୦.୦୬୦	
	ବଡ଼ଗାଗପାଲି	୩୬୧	ବେସରକାରୀ	ଗୋଚର-୨	୦.୦୬୦	ନିରାକାର ପ୍ରଧାନ, ପି-ଚିଦାନନ୍ଦ ପ୍ରଧାନ, ଗ୍ରା-ବାଲିମିମୁଣ୍ଡା
	ବଡ଼ଗାଗପାଲି	୨୦୩	ବେସରକାରୀ	ସାରତ-୨	୦.୨୦୦	ଏହି ଯିଶୁ କେଲେମ, ଅଭଲିଙ୍ଗା, ପି-ସର୍ଦ୍ଧିଷ୍ଣୁ ଅଭିଗିନୀ ଗଞ୍ଜ,
	ବଡ଼ଗାଗପାଲି	୬୦୩/୬୧	ବେସରକାରୀ	ଗୋଚର-୧	୦.୦୨୦	ଗ୍ରା-ନାଗରାଜପୁର, ଅବୁଖମ୍ଡା
	ବଡ଼ଗାଗପାଲି	୨୨୫	ବେସରକାରୀ	ଗୋଚର-୨	୨.୨୦୦	ସୁଧୀମାଜାନିଆର ଗଣିତଦାନ ପ୍ରାଇଭେଟ ଲିମିଟେଡ, ରେଜିଷ୍ଟ୍ରାର
	ବଡ଼ଗାଗପାଲି	୬୦	ସରକାରୀ	ପତିତ	୦.୦୩୦	ଆବାଦ ଯୋଗ୍ୟ ଅନାବାଦି
	ବଡ଼ଗାଗପାଲି	୬୬	ସରକାରୀ	ପତିତ	୦.୦୪୦	ଆବାଦ ଯୋଗ୍ୟ ଅନାବାଦି
	ବଡ଼ଗାଗପାଲି	୬୮	ସରକାରୀ	ମହାଲା	୦.୦୨୦	ରକ୍ଷିତ
	ବଡ଼ଗାଗପାଲି	୬୨	ସରକାରୀ	ଜଙ୍ଗଲ-୨	୦.୦୫୦	ଆବାଦ ଯୋଗ୍ୟ ଅନାବାଦି
	ବଡ଼ଗାଗପାଲି	୨୧୦	ସରକାରୀ	ଜଙ୍ଗଲ-୨	୦.୦୫୦	ସର୍ବସାଧାରଣ
	ବଡ଼ଗାଗପାଲି	୨୮୫	ସରକାରୀ	ବନ୍ଧ	୦.୦୨୦	ଆବାଦ ଯୋଗ୍ୟ ଅନାବାଦି
	ବଡ଼ଗାଗପାଲି	୨୮୬	ସରକାରୀ	ଜଙ୍ଗଲ-୨	୦.୨୦୦	ଆବାଦ ଯୋଗ୍ୟ ଅନାବାଦି
	ବଡ଼ଗାଗପାଲି	୩୫୦	ସରକାରୀ	ଜଙ୍ଗଲ-୨	୦.୦୨୦	ଚିତ୍ରକୂଟ
	ବଡ଼ଗାଗପାଲି	୩୫୩	ସରକାରୀ	ଗ୍ରାମ୍ୟଜଙ୍ଗଲ	୦.୨୦୦	ରକ୍ଷିତ
	ବଡ଼ଗାଗପାଲି	୩୫୩	ସରକାରୀ	ରାସ୍ତା	୦.୦୨୦	ସର୍ବସାଧାରଣ
	ବଡ଼ଗାଗପାଲି	୩୫୪	ସରକାରୀ	ମହାଲା	୦.୨୦୦	ରକ୍ଷିତ
	ବଡ଼ଗାଗପାଲି	୩୬୦	ସରକାରୀ	ଗୋଚର ରଥ-୨	୦.୦୫୦	ଆବାଦ ଯୋଗ୍ୟ ଅନାବାଦି
	ବଡ଼ଗାଗପାଲି	୩୬୬/୬୮୫	ସରକାରୀ	ନଦୀନାଳାପାଠି	୦.୨୫୦	ଚିତ୍ରକୂଟ
୬.	ଡାଙ୍ଗପାଲ	୪	ବେସରକାରୀ	ଜଙ୍ଗଲ-୨	୦.୦୫୦	ଦେବ ମୁଣ୍ଡା, ପି-ଅର୍ଜୁନ ମୁଣ୍ଡା, ଗ୍ରା-ନିକାଣ୍ଟି
	ଡାଙ୍ଗପାଲ	୧୫	ବେସରକାରୀ	ଜଙ୍ଗଲ-୨	୦.୦୫୦	
	ଡାଙ୍ଗପାଲ	୨୧	ବେସରକାରୀ	ଗୋଚର-୨	୦.୩୦୦	
	ଡାଙ୍ଗପାଲ	୨୮	ବେସରକାରୀ	ସାରତ-୨	୦.୪୮୦	ଶ୍ୟାମ ଦେଓ, ପି- ଠିଟାରେ ଦେଓ, ଗ୍ରା-ନିକାଣ୍ଟି
	ଡାଙ୍ଗପାଲ	୩୩	ବେସରକାରୀ	ସାରତ-୩	୦.୨୬୦	
	ଡାଙ୍ଗପାଲ	୩୫	ବେସରକାରୀ	ସାରତ-୨	୦.୨୫୦	
	ଡାଙ୍ଗପାଲ	୨୫	ବେସରକାରୀ	ଗୋଚର-୨	୦.୨୮୦	ନିର୍ମଳିନୀ ଦିବି, ପି-ଅମରି ମହାଜନ, ଗ୍ରା-ନିକାଣ୍ଟି
	ଡାଙ୍ଗପାଲ	୨୫	ବେସରକାରୀ	ସାରତ-୨	୦.୦୫୦	ବିଶ୍ୱୁ ସୁଆଁ, ପି-ପୁରେନ୍ଦ୍ର ସୁଆଁ, ଗ୍ରା-ନିକାଣ୍ଟି
	ଡାଙ୍ଗପାଲ	୨	ବେସରକାରୀ	ସାରତ-୨	୦.୨୫୦	
See Next Page
